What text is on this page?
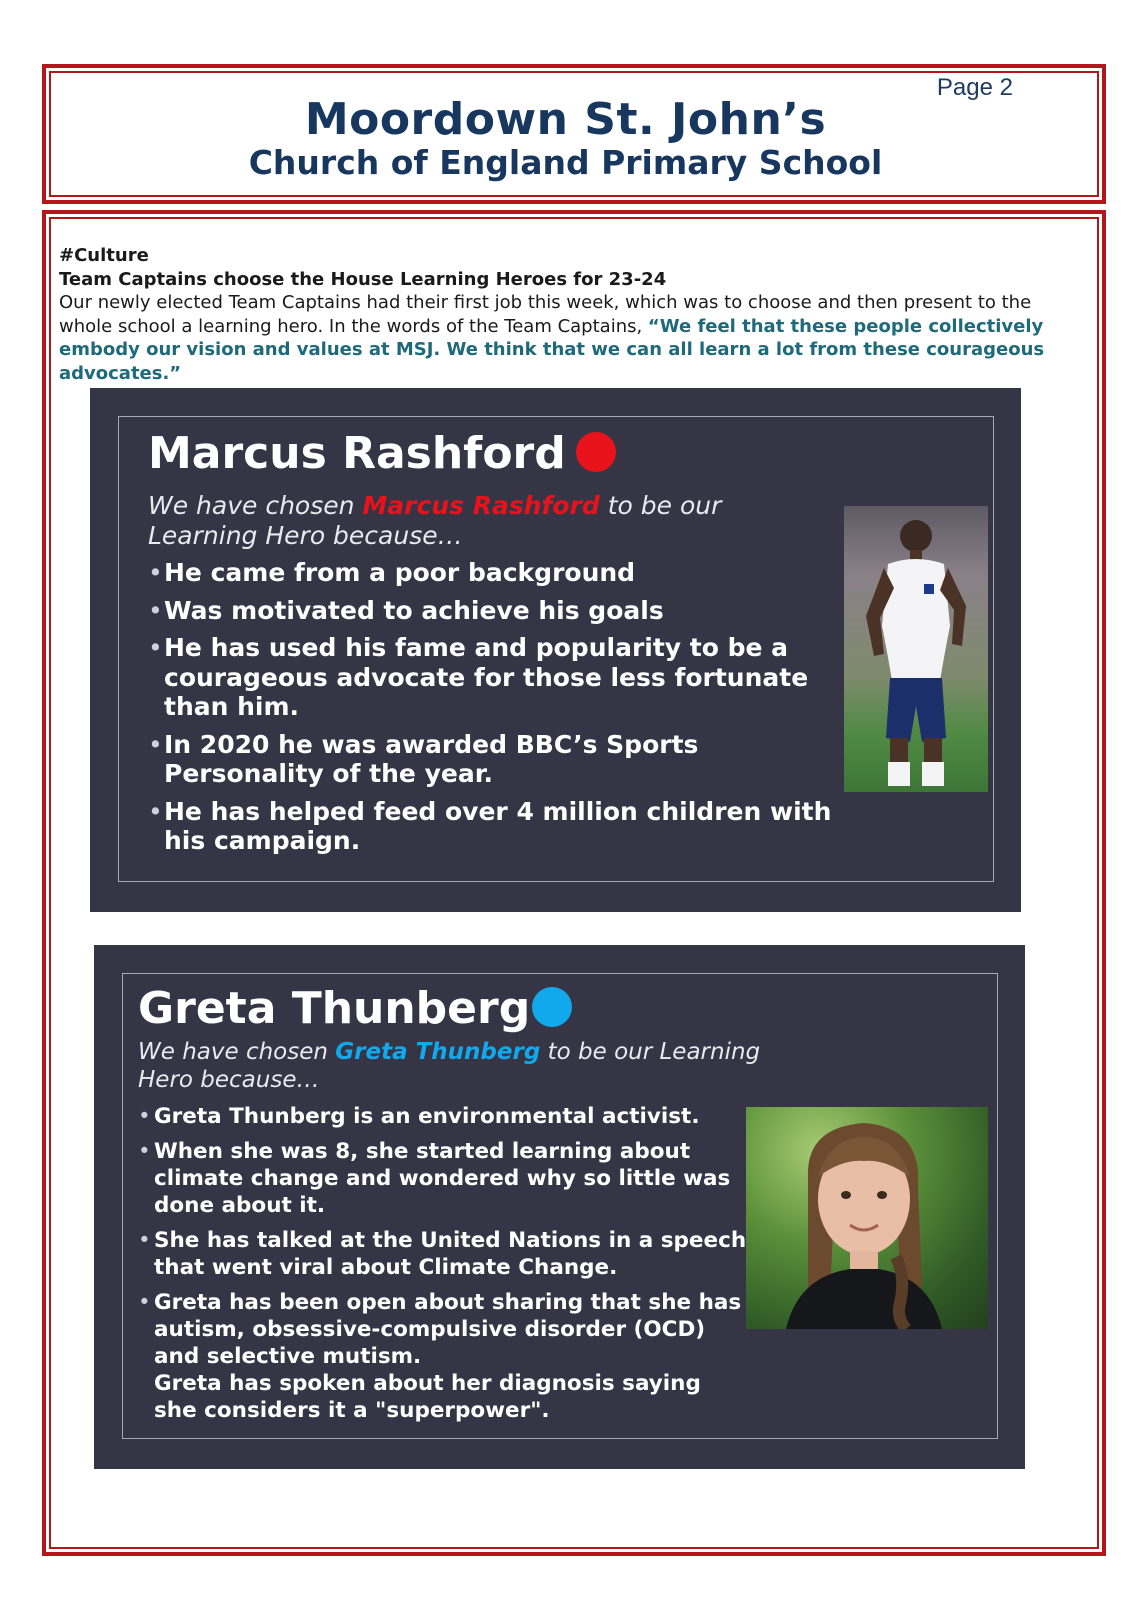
Page 2
Moordown St. John’s
Church of England Primary School
#Culture
Team Captains choose the House Learning Heroes for 23-24
Our newly elected Team Captains had their first job this week, which was to choose and then present to the whole school a learning hero. In the words of the Team Captains, “We feel that these people collectively embody our vision and values at MSJ. We think that we can all learn a lot from these courageous advocates.”
Marcus Rashford
We have chosen Marcus Rashford to be our Learning Hero because…
• He came from a poor background
• Was motivated to achieve his goals
• He has used his fame and popularity to be a courageous advocate for those less fortunate than him.
• In 2020 he was awarded BBC’s Sports Personality of the year.
• He has helped feed over 4 million children with his campaign.
Greta Thunberg
We have chosen Greta Thunberg to be our Learning Hero because…
• Greta Thunberg is an environmental activist.
• When she was 8, she started learning about climate change and wondered why so little was done about it.
• She has talked at the United Nations in a speech that went viral about Climate Change.
• Greta has been open about sharing that she has autism, obsessive-compulsive disorder (OCD) and selective mutism.
Greta has spoken about her diagnosis saying she considers it a "superpower".
